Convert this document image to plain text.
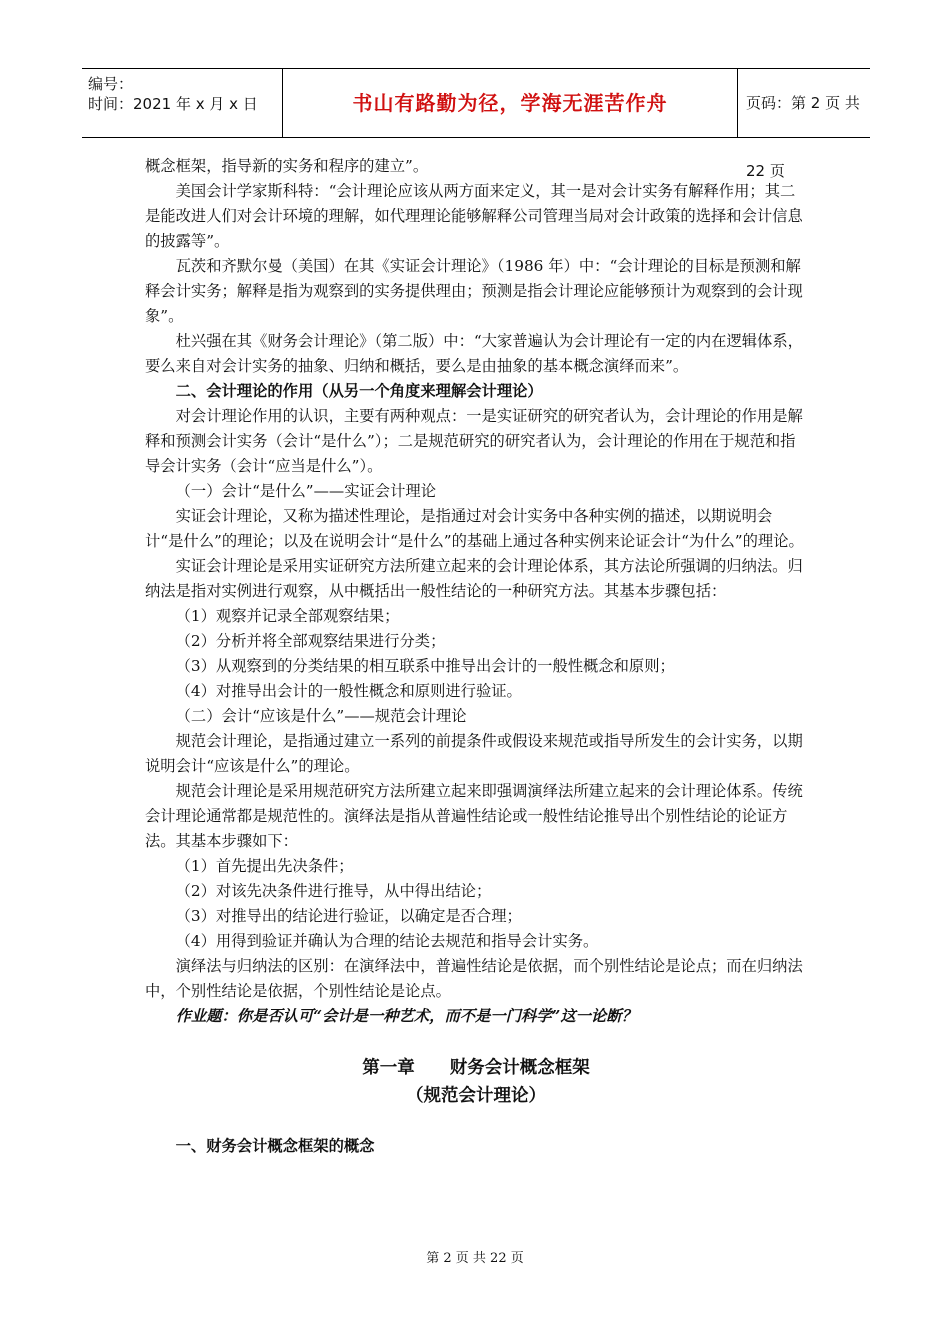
编号：
时间：2021 年 x 月 x 日	书山有路勤为径，学海无涯苦作舟	页码：第 2 页 共 22 页

概念框架，指导新的实务和程序的建立”。

美国会计学家斯科特：“会计理论应该从两方面来定义，其一是对会计实务有解释作用；其二是能改进人们对会计环境的理解，如代理理论能够解释公司管理当局对会计政策的选择和会计信息的披露等”。

瓦茨和齐默尔曼（美国）在其《实证会计理论》（1986 年）中：“会计理论的目标是预测和解释会计实务；解释是指为观察到的实务提供理由；预测是指会计理论应能够预计为观察到的会计现象”。

杜兴强在其《财务会计理论》（第二版）中：“大家普遍认为会计理论有一定的内在逻辑体系，要么来自对会计实务的抽象、归纳和概括，要么是由抽象的基本概念演绎而来”。

二、会计理论的作用（从另一个角度来理解会计理论）

对会计理论作用的认识，主要有两种观点：一是实证研究的研究者认为，会计理论的作用是解释和预测会计实务（会计“是什么”）；二是规范研究的研究者认为，会计理论的作用在于规范和指导会计实务（会计“应当是什么”）。

（一）会计“是什么”——实证会计理论

实证会计理论，又称为描述性理论，是指通过对会计实务中各种实例的描述，以期说明会计“是什么”的理论；以及在说明会计“是什么”的基础上通过各种实例来论证会计“为什么”的理论。

实证会计理论是采用实证研究方法所建立起来的会计理论体系，其方法论所强调的归纳法。归纳法是指对实例进行观察，从中概括出一般性结论的一种研究方法。其基本步骤包括：

（1）观察并记录全部观察结果；

（2）分析并将全部观察结果进行分类；

（3）从观察到的分类结果的相互联系中推导出会计的一般性概念和原则；

（4）对推导出会计的一般性概念和原则进行验证。

（二）会计“应该是什么”——规范会计理论

规范会计理论，是指通过建立一系列的前提条件或假设来规范或指导所发生的会计实务，以期说明会计“应该是什么”的理论。

规范会计理论是采用规范研究方法所建立起来即强调演绎法所建立起来的会计理论体系。传统会计理论通常都是规范性的。演绎法是指从普遍性结论或一般性结论推导出个别性结论的论证方法。其基本步骤如下：

（1）首先提出先决条件；

（2）对该先决条件进行推导，从中得出结论；

（3）对推导出的结论进行验证，以确定是否合理；

（4）用得到验证并确认为合理的结论去规范和指导会计实务。

演绎法与归纳法的区别：在演绎法中，普遍性结论是依据，而个别性结论是论点；而在归纳法中，个别性结论是依据，个别性结论是论点。

作业题：你是否认可“会计是一种艺术，而不是一门科学”这一论断？

第一章　　财务会计概念框架

（规范会计理论）

一、财务会计概念框架的概念

第 2 页 共 22 页
